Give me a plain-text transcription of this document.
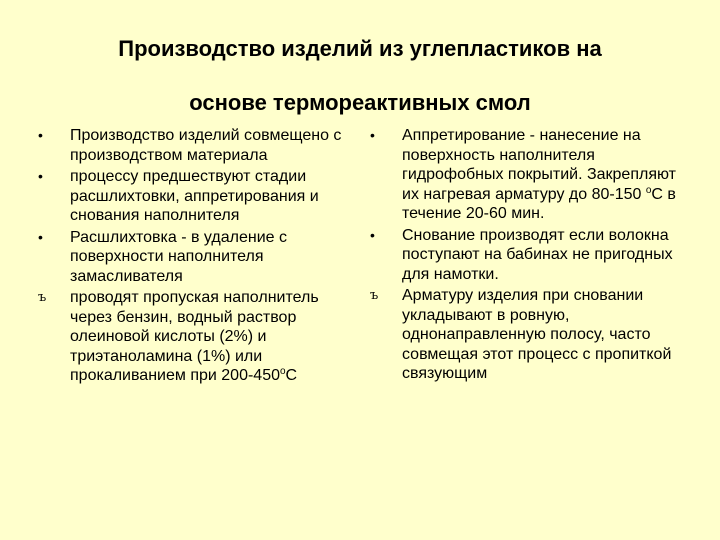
Производство изделий из углепластиков на
основе термореактивных смол
•	Производство изделий совмещено с производством материала
•	процессу предшествуют стадии расшлихтовки, аппретирования и снования наполнителя
•	Расшлихтовка - в удаление с поверхности наполнителя замасливателя
ъ	проводят пропуская наполнитель через бензин, водный раствор олеиновой кислоты (2%) и триэтаноламина (1%) или прокаливанием при $200-450^оС$
•	Аппретирование - нанесение на поверхность наполнителя гидрофобных покрытий. Закрепляют их нагревая арматуру до 80-150 $^о$С в течение 20-60 мин.
•	Снование производят если волокна поступают на бабинах не пригодных для намотки.
ъ	Арматуру изделия при сновании укладывают в ровную, однонаправленную полосу, часто совмещая этот процесс с пропиткой связующим
